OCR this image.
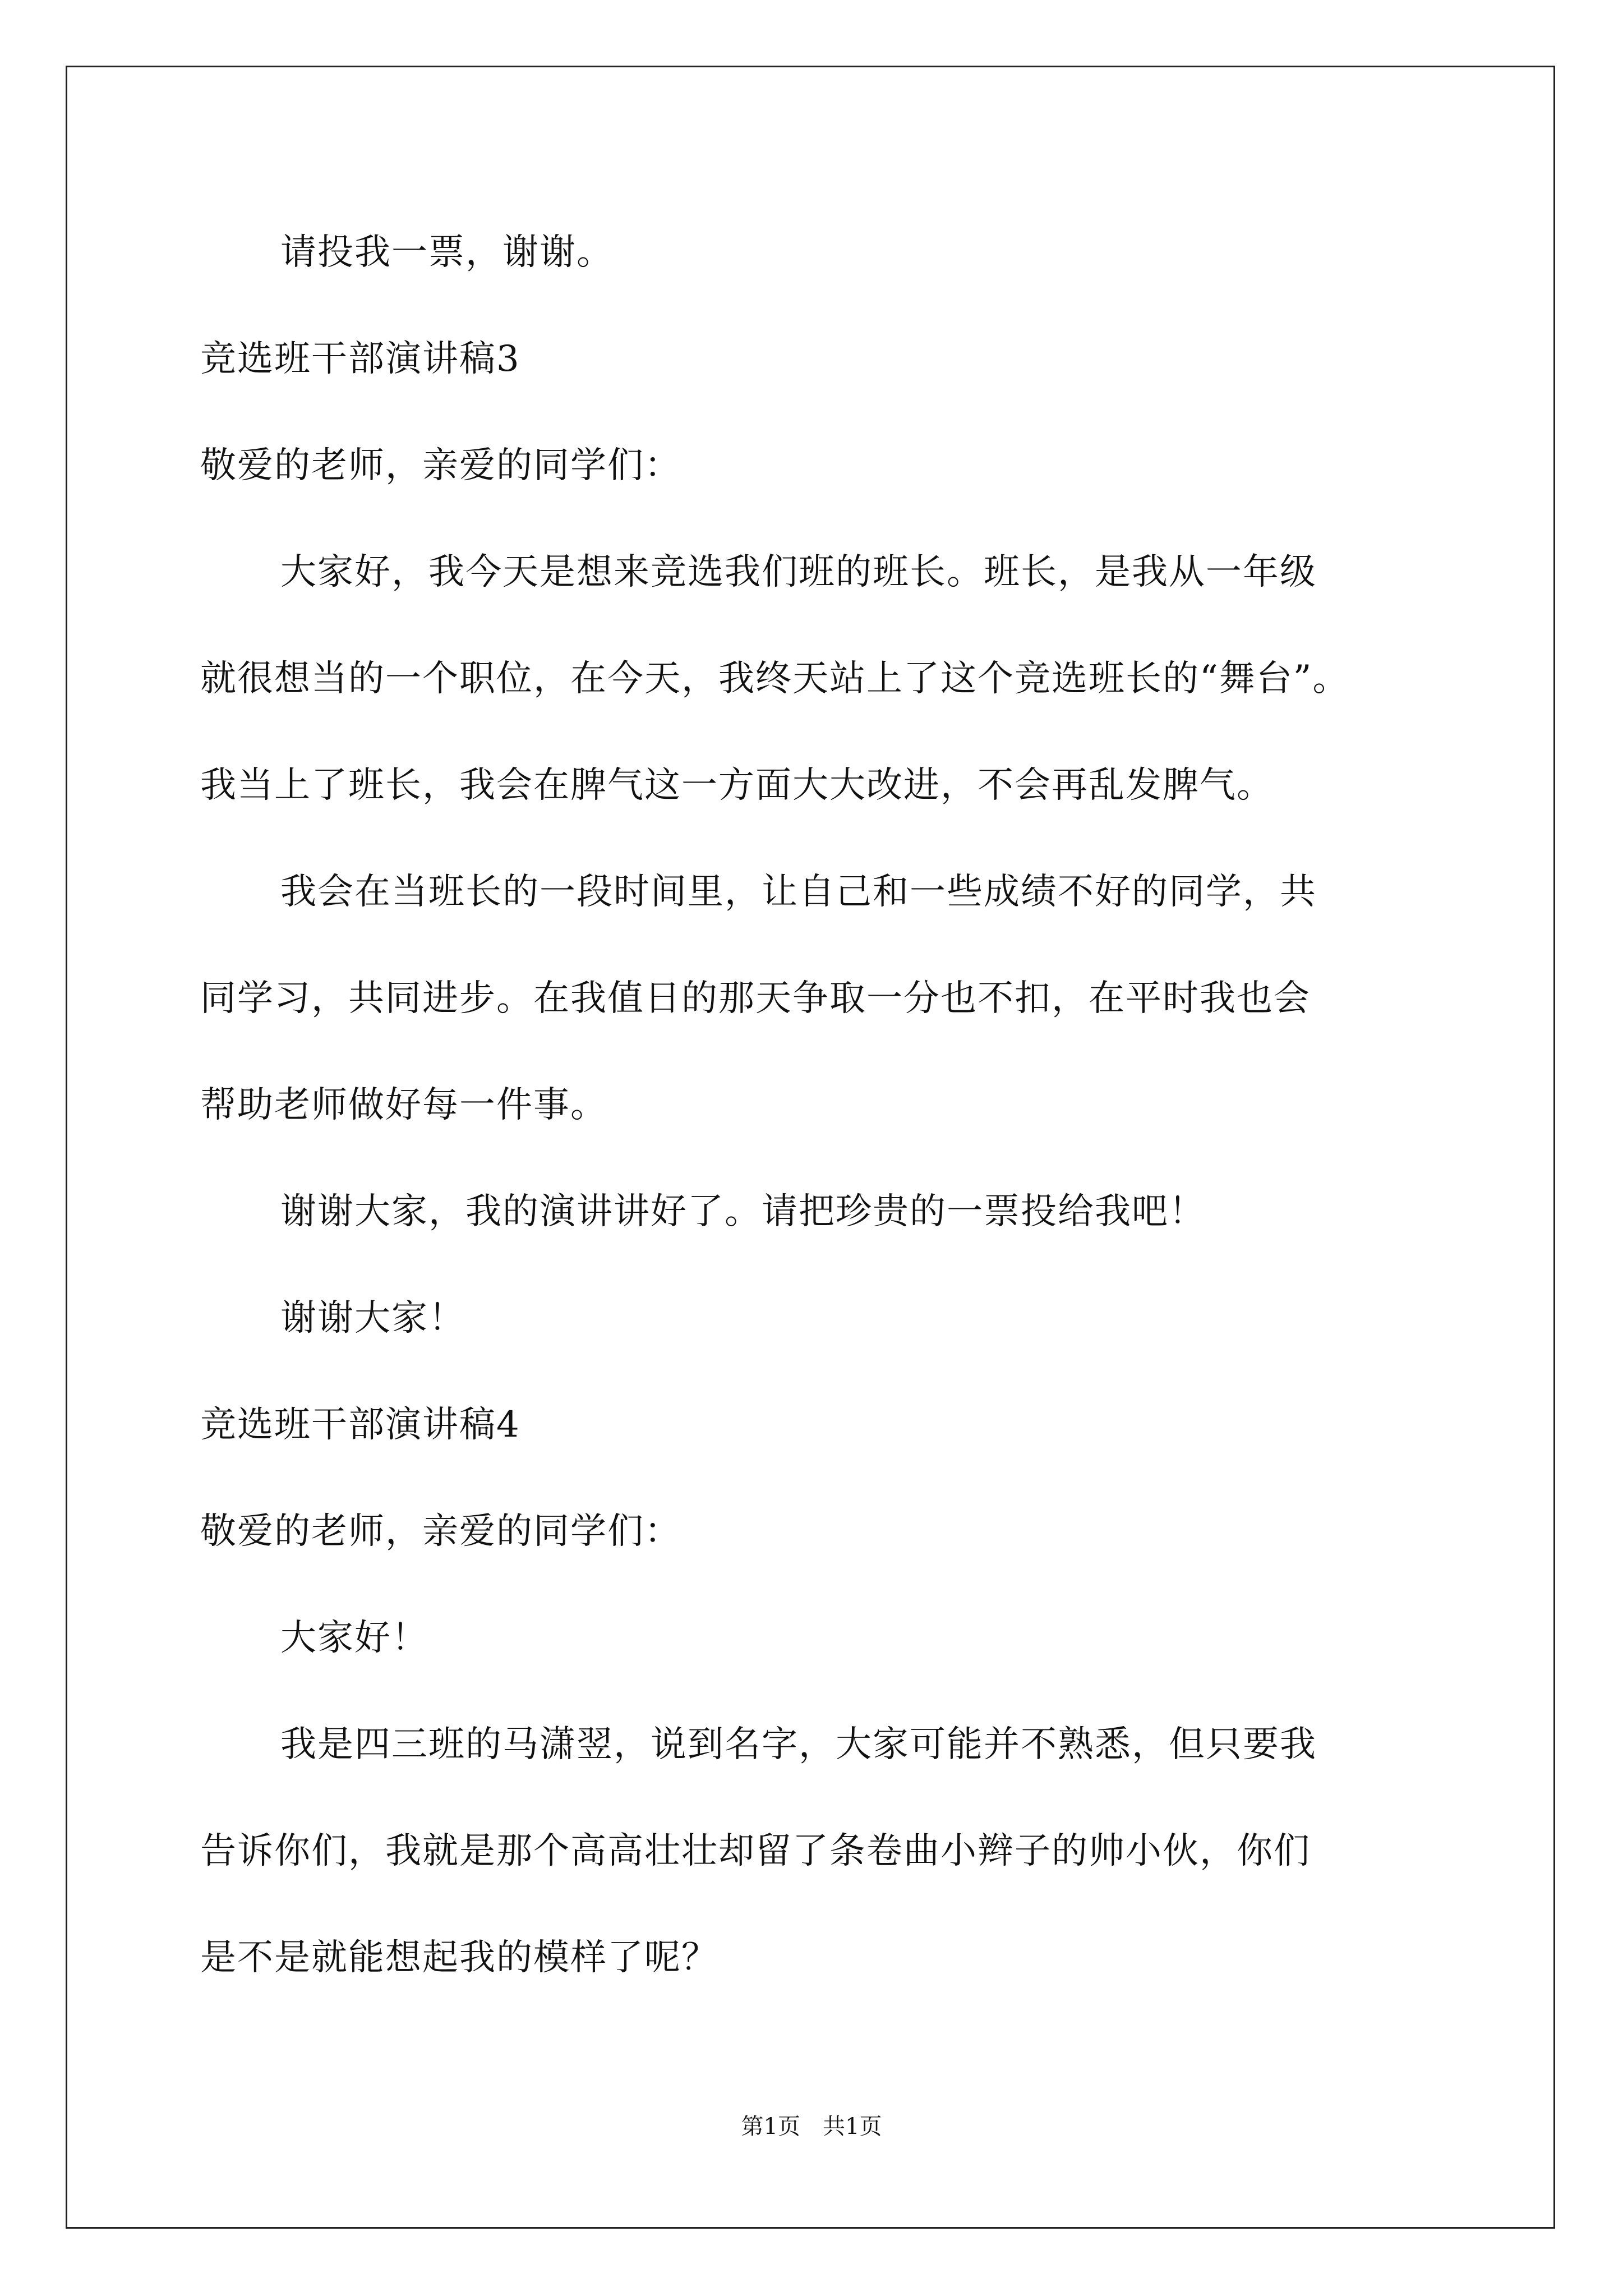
请投我一票，谢谢。
竞选班干部演讲稿3
敬爱的老师，亲爱的同学们：
大家好，我今天是想来竞选我们班的班长。班长，是我从一年级
就很想当的一个职位，在今天，我终天站上了这个竞选班长的“舞台”。
我当上了班长，我会在脾气这一方面大大改进，不会再乱发脾气。
我会在当班长的一段时间里，让自己和一些成绩不好的同学，共
同学习，共同进步。在我值日的那天争取一分也不扣，在平时我也会
帮助老师做好每一件事。
谢谢大家，我的演讲讲好了。请把珍贵的一票投给我吧！
谢谢大家！
竞选班干部演讲稿4
敬爱的老师，亲爱的同学们：
大家好！
我是四三班的马潇翌，说到名字，大家可能并不熟悉，但只要我
告诉你们，我就是那个高高壮壮却留了条卷曲小辫子的帅小伙，你们
是不是就能想起我的模样了呢？
第1页 共1页
